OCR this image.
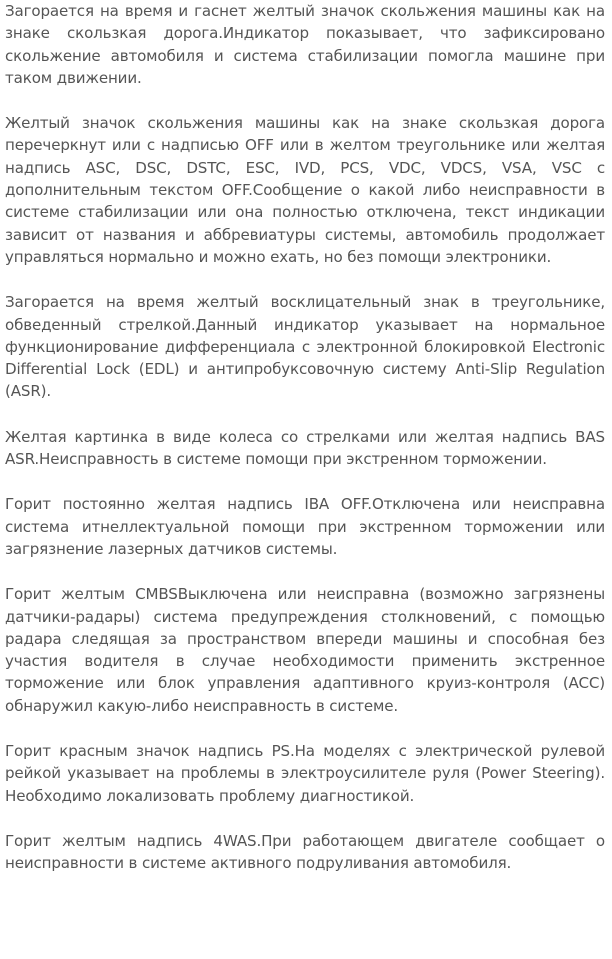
Загорается на время и гаснет желтый значок скольжения машины как на знаке скользкая дорога.Индикатор показывает, что зафиксировано скольжение автомобиля и система стабилизации помогла машине при таком движении.

Желтый значок скольжения машины как на знаке скользкая дорога перечеркнут или с надписью OFF или в желтом треугольнике или желтая надпись ASC, DSC, DSTC, ESC, IVD, PCS, VDC, VDCS, VSA, VSC с дополнительным текстом OFF.Сообщение о какой либо неисправности в системе стабилизации или она полностью отключена, текст индикации зависит от названия и аббревиатуры системы, автомобиль продолжает управляться нормально и можно ехать, но без помощи электроники.

Загорается на время желтый восклицательный знак в треугольнике, обведенный стрелкой.Данный индикатор указывает на нормальное функционирование дифференциала с электронной блокировкой Electronic Differential Lock (EDL) и антипробуксовочную систему Anti-Slip Regulation (ASR).

Желтая картинка в виде колеса со стрелками или желтая надпись BAS ASR.Неисправность в системе помощи при экстренном торможении.

Горит постоянно желтая надпись IBA OFF.Отключена или неисправна система итнеллектуальной помощи при экстренном торможении или загрязнение лазерных датчиков системы.

Горит желтым CMBSВыключена или неисправна (возможно загрязнены датчики-радары) система предупреждения столкновений, с помощью радара следящая за пространством впереди машины и способная без участия водителя в случае необходимости применить экстренное торможение или блок управления адаптивного круиз-контроля (ACC) обнаружил какую-либо неисправность в системе.

Горит красным значок надпись PS.На моделях с электрической рулевой рейкой указывает на проблемы в электроусилителе руля (Power Steering). Необходимо локализовать проблему диагностикой.

Горит желтым надпись 4WAS.При работающем двигателе сообщает о неисправности в системе активного подруливания автомобиля.
